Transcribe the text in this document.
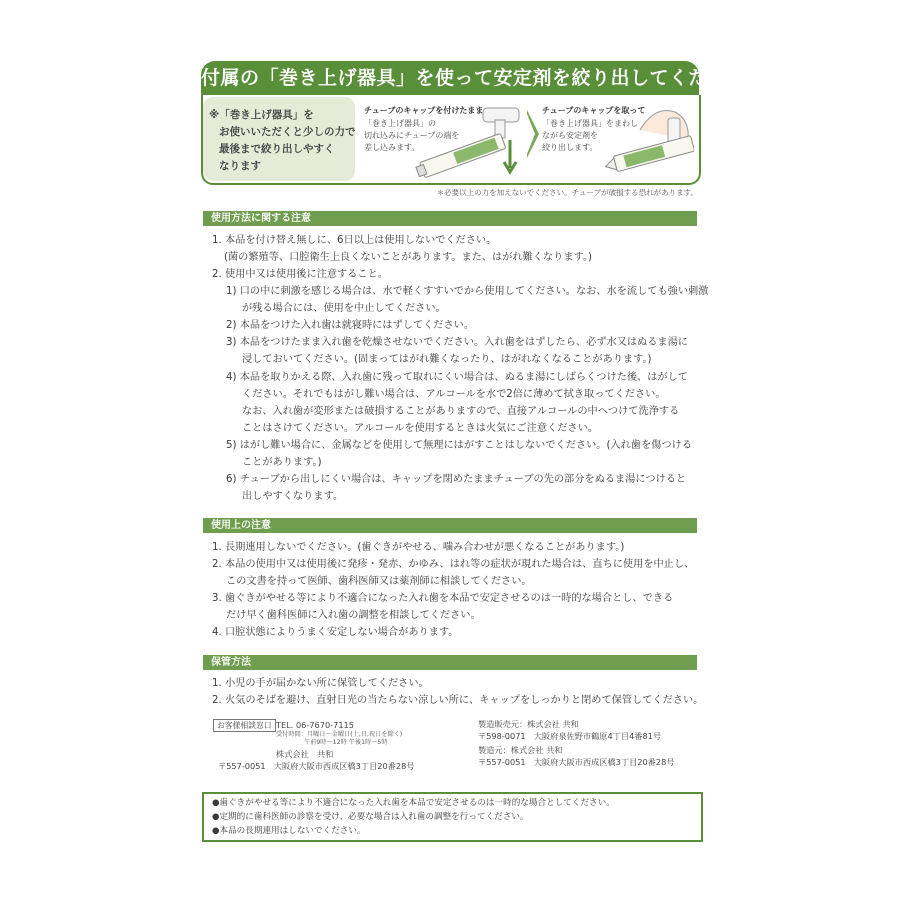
付属の「巻き上げ器具」を使って安定剤を絞り出してください

※「巻き上げ器具」を

お使いいただくと少しの力で

最後まで絞り出しやすく

なります

チューブのキャップを付けたまま
「巻き上げ器具」の
切れ込みにチューブの端を
差し込みます。
チューブのキャップを取って
「巻き上げ器具」をまわし
ながら安定剤を
絞り出します。
＊必要以上の力を加えないでください。チューブが破損する恐れがあります。
使用方法に関する注意
1. 本品を付け替え無しに、6日以上は使用しないでください。
(菌の繁殖等、口腔衛生上良くないことがあります。また、はがれ難くなります。)
2. 使用中又は使用後に注意すること。
1) 口の中に刺激を感じる場合は、水で軽くすすいでから使用してください。なお、水を流しても強い刺激
が残る場合には、使用を中止してください。
2) 本品をつけた入れ歯は就寝時にはずしてください。
3) 本品をつけたまま入れ歯を乾燥させないでください。入れ歯をはずしたら、必ず水又はぬるま湯に
浸しておいてください。(固まってはがれ難くなったり、はがれなくなることがあります。)
4) 本品を取りかえる際、入れ歯に残って取れにくい場合は、ぬるま湯にしばらくつけた後、はがして
ください。それでもはがし難い場合は、アルコールを水で2倍に薄めて拭き取ってください。
なお、入れ歯が変形または破損することがありますので、直接アルコールの中へつけて洗浄する
ことはさけてください。アルコールを使用するときは火気にご注意ください。
5) はがし難い場合に、金属などを使用して無理にはがすことはしないでください。(入れ歯を傷つける
ことがあります。)
6) チューブから出しにくい場合は、キャップを閉めたままチューブの先の部分をぬるま湯につけると
出しやすくなります。
使用上の注意
1. 長期連用しないでください。(歯ぐきがやせる、噛み合わせが悪くなることがあります。)
2. 本品の使用中又は使用後に発疹・発赤、かゆみ、はれ等の症状が現れた場合は、直ちに使用を中止し、
この文書を持って医師、歯科医師又は薬剤師に相談してください。
3. 歯ぐきがやせる等により不適合になった入れ歯を本品で安定させるのは一時的な場合とし、できる
だけ早く歯科医師に入れ歯の調整を相談してください。
4. 口腔状態によりうまく安定しない場合があります。
保管方法
1. 小児の手が届かない所に保管してください。
2. 火気のそばを避け、直射日光の当たらない涼しい所に、キャップをしっかりと閉めて保管してください。
お客様相談窓口 TEL. 06-7670-7115
受付時間：月曜日〜金曜日(土,日,祝日を除く)
午前9時〜12時 午後1時〜5時
株式会社　共和
〒557-0051　大阪府大阪市西成区橋3丁目20番28号
製造販売元：株式会社 共和
〒598-0071　大阪府泉佐野市鶴原4丁目4番81号
製造元：株式会社 共和
〒557-0051　大阪府大阪市西成区橋3丁目20番28号
●歯ぐきがやせる等により不適合になった入れ歯を本品で安定させるのは一時的な場合としてください。
●定期的に歯科医師の診察を受け、必要な場合は入れ歯の調整を行ってください。
●本品の長期連用はしないでください。
